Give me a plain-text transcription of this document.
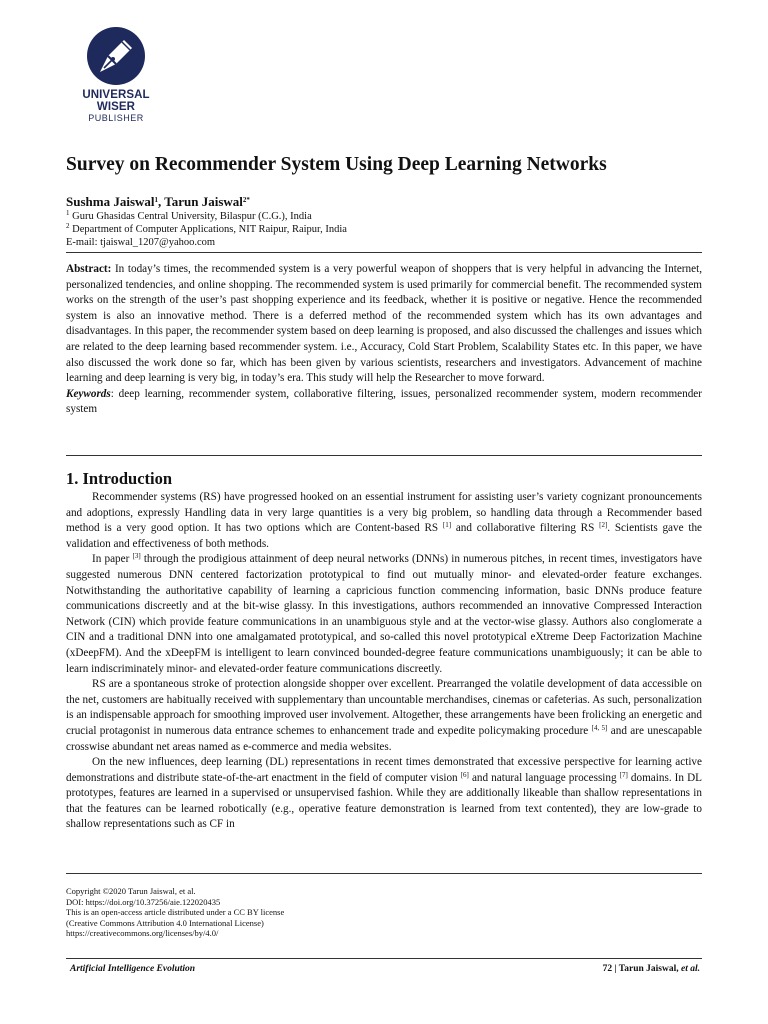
UNIVERSAL WISER
PUBLISHER
Survey on Recommender System Using Deep Learning Networks
Sushma Jaiswal$^1$, Tarun Jaiswal$^{2*}$
$^1$ Guru Ghasidas Central University, Bilaspur (C.G.), India
$^2$ Department of Computer Applications, NIT Raipur, Raipur, India
E-mail: tjaiswal_1207@yahoo.com
Abstract: In today’s times, the recommended system is a very powerful weapon of shoppers that is very helpful in advancing the Internet, personalized tendencies, and online shopping. The recommended system is used primarily for commercial benefit. The recommended system works on the strength of the user’s past shopping experience and its feedback, whether it is positive or negative. Hence the recommended system is also an innovative method. There is a deferred method of the recommended system which has its own advantages and disadvantages. In this paper, the recommender system based on deep learning is proposed, and also discussed the challenges and issues which are related to the deep learning based recommender system. i.e., Accuracy, Cold Start Problem, Scalability States etc. In this paper, we have also discussed the work done so far, which has been given by various scientists, researchers and investigators. Advancement of machine learning and deep learning is very big, in today’s era. This study will help the Researcher to move forward.
Keywords: deep learning, recommender system, collaborative filtering, issues, personalized recommender system, modern recommender system
1. Introduction

Recommender systems (RS) have progressed hooked on an essential instrument for assisting user’s variety cognizant pronouncements and adoptions, expressly Handling data in very large quantities is a very big problem, so handling data through a Recommender based method is a very good option. It has two options which are Content-based RS [1] and collaborative filtering RS [2]. Scientists gave the validation and effectiveness of both methods.

In paper [3] through the prodigious attainment of deep neural networks (DNNs) in numerous pitches, in recent times, investigators have suggested numerous DNN centered factorization prototypical to find out mutually minor- and elevated-order feature exchanges. Notwithstanding the authoritative capability of learning a capricious function commencing information, basic DNNs produce feature communications discreetly and at the bit-wise glassy. In this investigations, authors recommended an innovative Compressed Interaction Network (CIN) which provide feature communications in an unambiguous style and at the vector-wise glassy. Authors also conglomerate a CIN and a traditional DNN into one amalgamated prototypical, and so-called this novel prototypical eXtreme Deep Factorization Machine (xDeepFM). And the xDeepFM is intelligent to learn convinced bounded-degree feature communications unambiguously; it can be able to learn indiscriminately minor- and elevated-order feature communications discreetly.

RS are a spontaneous stroke of protection alongside shopper over excellent. Prearranged the volatile development of data accessible on the net, customers are habitually received with supplementary than uncountable merchandises, cinemas or cafeterias. As such, personalization is an indispensable approach for smoothing improved user involvement. Altogether, these arrangements have been frolicking an energetic and crucial protagonist in numerous data entrance schemes to enhancement trade and expedite policymaking procedure [4, 5] and are unescapable crosswise abundant net areas named as e-commerce and media websites.

On the new influences, deep learning (DL) representations in recent times demonstrated that excessive perspective for learning active demonstrations and distribute state-of-the-art enactment in the field of computer vision [6] and natural language processing [7] domains. In DL prototypes, features are learned in a supervised or unsupervised fashion. While they are additionally likeable than shallow representations in that the features can be learned robotically (e.g., operative feature demonstration is learned from text contented), they are low-grade to shallow representations such as CF in

Copyright ©2020 Tarun Jaiswal, et al.
DOI: https://doi.org/10.37256/aie.122020435
This is an open-access article distributed under a CC BY license
(Creative Commons Attribution 4.0 International License)
https://creativecommons.org/licenses/by/4.0/
Artificial Intelligence Evolution	72 | Tarun Jaiswal, et al.
